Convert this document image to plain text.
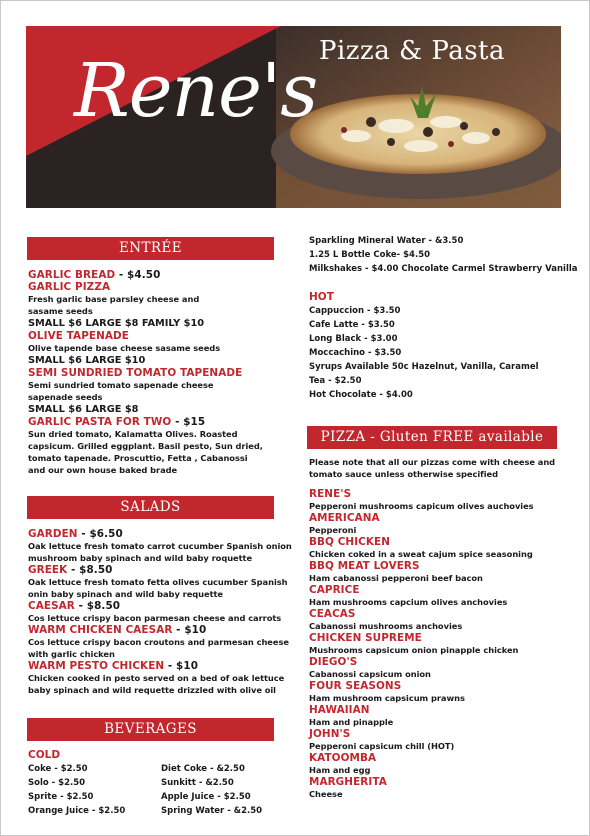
Rene's Pizza & Pasta
ENTRÉE
GARLIC BREAD - $4.50
GARLIC PIZZA
Fresh garlic base parsley cheese and
sasame seeds
SMALL $6 LARGE $8 FAMILY $10
OLIVE TAPENADE
Olive tapende base cheese sasame seeds
SMALL $6 LARGE $10
SEMI SUNDRIED TOMATO TAPENADE
Semi sundried tomato sapenade cheese
sapenade seeds
SMALL $6 LARGE $8
GARLIC PASTA FOR TWO - $15
Sun dried tomato, Kalamatta Olives. Roasted
capsicum. Grilled eggplant. Basil pesto, Sun dried,
tomato tapenade. Proscuttio, Fetta , Cabanossi
and our own house baked brade
SALADS
GARDEN - $6.50
Oak lettuce fresh tomato carrot cucumber Spanish onion
mushroom baby spinach and wild baby roquette
GREEK - $8.50
Oak lettuce fresh tomato fetta olives cucumber Spanish
onin baby spinach and wild baby requette
CAESAR - $8.50
Cos lettuce crispy bacon parmesan cheese and carrots
WARM CHICKEN CAESAR - $10
Cos lettuce crispy bacon croutons and parmesan cheese
with garlic chicken
WARM PESTO CHICKEN - $10
Chicken cooked in pesto served on a bed of oak lettuce
baby spinach and wild requette drizzled with olive oil
BEVERAGES
COLD
Coke - $2.50	Diet Coke - &2.50
Solo - $2.50	Sunkitt - &2.50
Sprite - $2.50	Apple Juice - $2.50
Orange Juice - $2.50	Spring Water - &2.50
Sparkling Mineral Water - &3.50
1.25 L Bottle Coke- $4.50
Milkshakes - $4.00 Chocolate Carmel Strawberry Vanilla
HOT
Cappuccion - $3.50
Cafe Latte - $3.50
Long Black - $3.00
Moccachino - $3.50
Syrups Available 50c Hazelnut, Vanilla, Caramel
Tea - $2.50
Hot Chocolate - $4.00
PIZZA - Gluten FREE available
Please note that all our pizzas come with cheese and
tomato sauce unless otherwise specified
RENE'S
Pepperoni mushrooms capicum olives auchovies
AMERICANA
Pepperoni
BBQ CHICKEN
Chicken coked in a sweat cajum spice seasoning
BBQ MEAT LOVERS
Ham cabanossi pepperoni beef bacon
CAPRICE
Ham mushrooms capcium olives anchovies
CEACAS
Cabanossi mushrooms anchovies
CHICKEN SUPREME
Mushrooms capsicum onion pinapple chicken
DIEGO'S
Cabanossi capsicum onion
FOUR SEASONS
Ham mushroom capsicum prawns
HAWAIIAN
Ham and pinapple
JOHN'S
Pepperoni capsicum chill (HOT)
KATOOMBA
Ham and egg
MARGHERITA
Cheese
